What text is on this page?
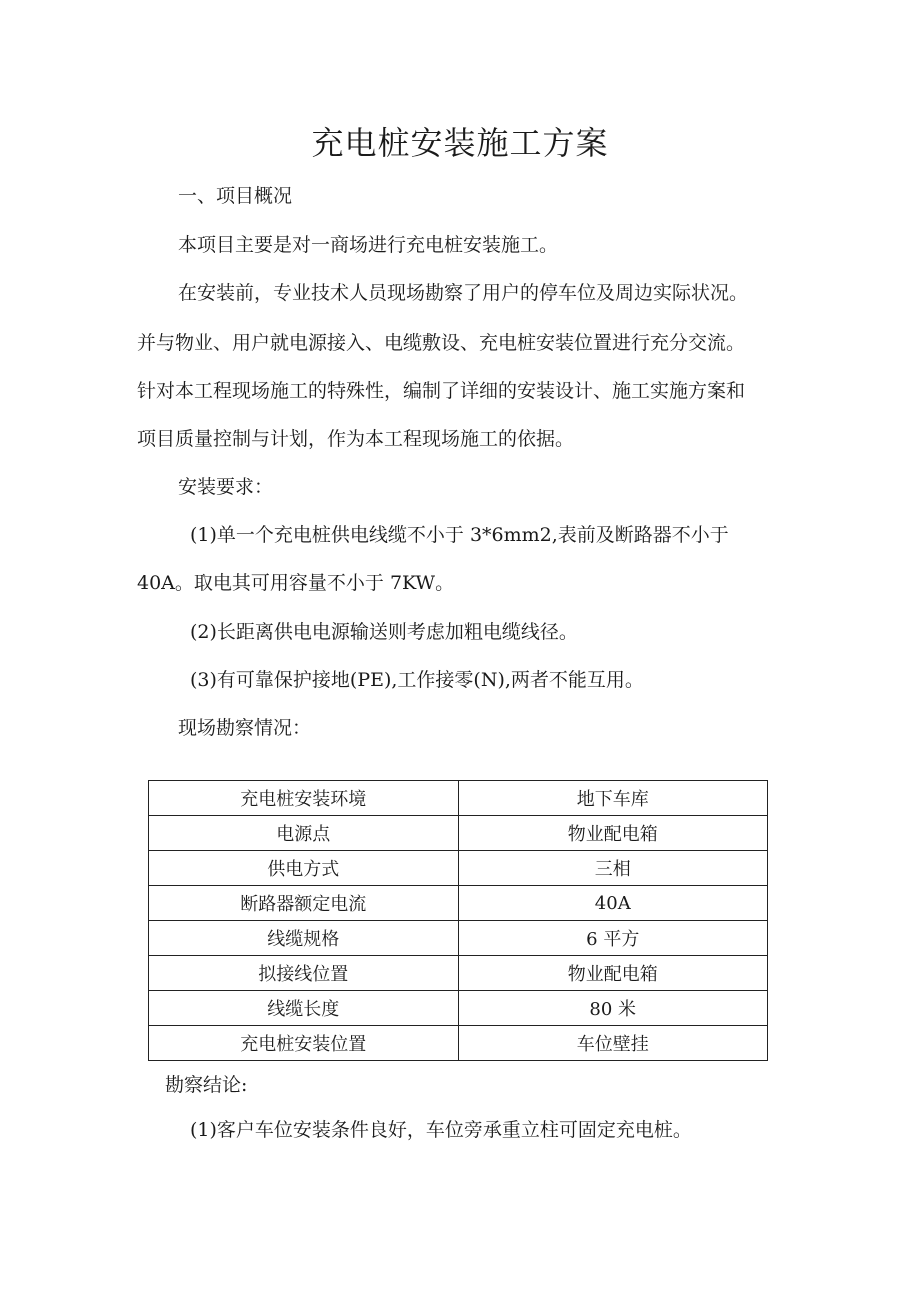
充电桩安装施工方案

一、项目概况

本项目主要是对一商场进行充电桩安装施工。

在安装前，专业技术人员现场勘察了用户的停车位及周边实际状况。

并与物业、用户就电源接入、电缆敷设、充电桩安装位置进行充分交流。

针对本工程现场施工的特殊性，编制了详细的安装设计、施工实施方案和

项目质量控制与计划，作为本工程现场施工的依据。

安装要求：

(1)单一个充电桩供电线缆不小于 3*6mm2,表前及断路器不小于

40A。取电其可用容量不小于 7KW。

(2)长距离供电电源输送则考虑加粗电缆线径。

(3)有可靠保护接地(PE),工作接零(N),两者不能互用。

现场勘察情况：

充电桩安装环境	地下车库
电源点	物业配电箱
供电方式	三相
断路器额定电流	40A
线缆规格	6 平方
拟接线位置	物业配电箱
线缆长度	80 米
充电桩安装位置	车位壁挂

勘察结论:

(1)客户车位安装条件良好，车位旁承重立柱可固定充电桩。
